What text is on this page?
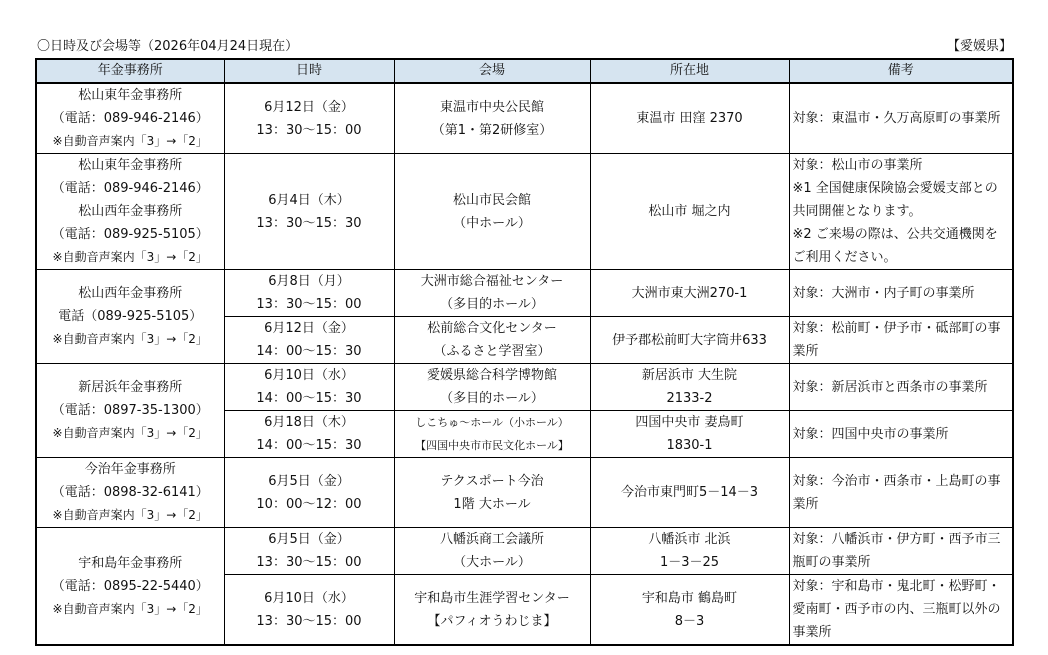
〇日時及び会場等（2026年04月24日現在）	【愛媛県】
年金事務所	日時	会場	所在地	備考

松山東年金事務所
（電話：089-946-2146）
※自動音声案内「3」→「2」	6月12日（金）
13：30～15：00	東温市中央公民館
（第1・第2研修室）	東温市 田窪 2370	対象：東温市・久万高原町の事業所

松山東年金事務所
（電話：089-946-2146）
松山西年金事務所
（電話：089-925-5105）
※自動音声案内「3」→「2」	6月4日（木）
13：30～15：30	松山市民会館
（中ホール）	松山市 堀之内	対象：松山市の事業所
※1 全国健康保険協会愛媛支部との共同開催となります。
※2 ご来場の際は、公共交通機関をご利用ください。

松山西年金事務所
電話（089-925-5105）
※自動音声案内「3」→「2」	6月8日（月）
13：30～15：00	大洲市総合福祉センター
（多目的ホール）	大洲市東大洲270-1	対象：大洲市・内子町の事業所

	6月12日（金）
14：00～15：30	松前総合文化センター
（ふるさと学習室）	伊予郡松前町大字筒井633	対象：松前町・伊予市・砥部町の事業所

新居浜年金事務所
（電話：0897-35-1300）
※自動音声案内「3」→「2」	6月10日（水）
14：00～15：30	愛媛県総合科学博物館
（多目的ホール）	新居浜市 大生院
2133-2	対象：新居浜市と西条市の事業所

	6月18日（木）
14：00～15：30	しこちゅ～ホール（小ホール）
【四国中央市市民文化ホール】	四国中央市 妻鳥町
1830-1	対象：四国中央市の事業所

今治年金事務所
（電話：0898-32-6141）
※自動音声案内「3」→「2」	6月5日（金）
10：00～12：00	テクスポート今治
1階 大ホール	今治市東門町5－14－3	対象：今治市・西条市・上島町の事業所

宇和島年金事務所
（電話：0895-22-5440）
※自動音声案内「3」→「2」	6月5日（金）
13：30～15：00	八幡浜商工会議所
（大ホール）	八幡浜市 北浜
1－3－25	対象：八幡浜市・伊方町・西予市三瓶町の事業所

	6月10日（水）
13：30～15：00	宇和島市生涯学習センター
【パフィオうわじま】	宇和島市 鶴島町
8－3	対象：宇和島市・鬼北町・松野町・愛南町・西予市の内、三瓶町以外の事業所
